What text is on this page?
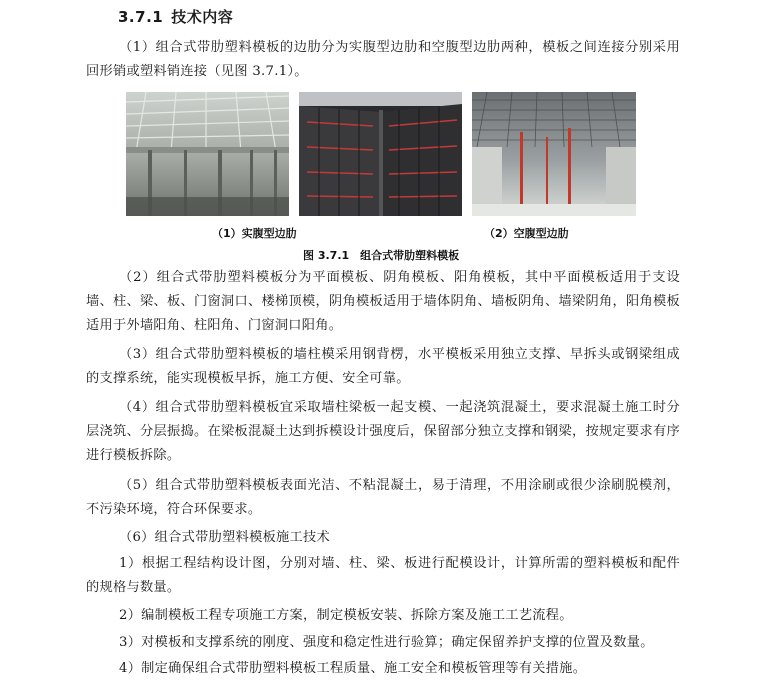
3.7.1 技术内容

（1）组合式带肋塑料模板的边肋分为实腹型边肋和空腹型边肋两种，模板之间连接分别采用回形销或塑料销连接（见图 3.7.1）。

（1）实腹型边肋	（2）空腹型边肋
图 3.7.1　组合式带肋塑料模板

（2）组合式带肋塑料模板分为平面模板、阴角模板、阳角模板，其中平面模板适用于支设墙、柱、梁、板、门窗洞口、楼梯顶模，阴角模板适用于墙体阴角、墙板阴角、墙梁阴角，阳角模板适用于外墙阳角、柱阳角、门窗洞口阳角。

（3）组合式带肋塑料模板的墙柱模采用钢背楞，水平模板采用独立支撑、早拆头或钢梁组成的支撑系统，能实现模板早拆，施工方便、安全可靠。

（4）组合式带肋塑料模板宜采取墙柱梁板一起支模、一起浇筑混凝土，要求混凝土施工时分层浇筑、分层振捣。在梁板混凝土达到拆模设计强度后，保留部分独立支撑和钢梁，按规定要求有序进行模板拆除。

（5）组合式带肋塑料模板表面光洁、不粘混凝土，易于清理，不用涂刷或很少涂刷脱模剂，不污染环境，符合环保要求。

（6）组合式带肋塑料模板施工技术

1）根据工程结构设计图，分别对墙、柱、梁、板进行配模设计，计算所需的塑料模板和配件的规格与数量。

2）编制模板工程专项施工方案，制定模板安装、拆除方案及施工工艺流程。

3）对模板和支撑系统的刚度、强度和稳定性进行验算；确定保留养护支撑的位置及数量。

4）制定确保组合式带肋塑料模板工程质量、施工安全和模板管理等有关措施。
